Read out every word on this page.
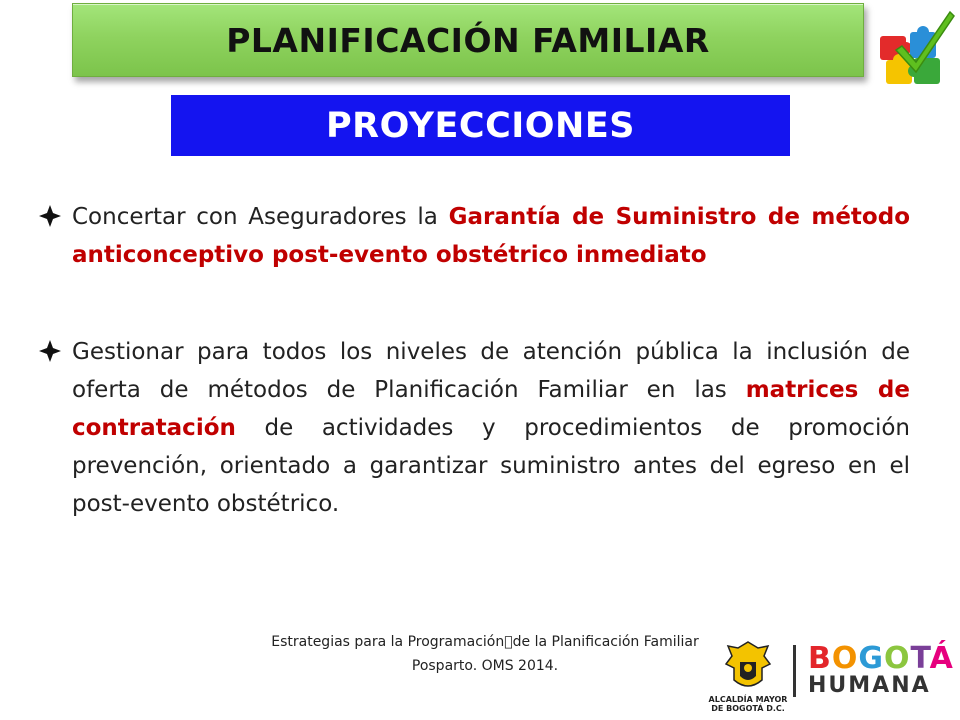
PLANIFICACIÓN FAMILIAR
PROYECCIONES
Concertar con Aseguradores la Garantía de Suministro de método anticonceptivo post-evento obstétrico inmediato
Gestionar para todos los niveles de atención pública la inclusión de oferta de métodos de Planificación Familiar en las matrices de contratación de actividades y procedimientos de promoción prevención, orientado a garantizar suministro antes del egreso en el post-evento obstétrico.
Estrategias para la Programación de la Planificación Familiar
Posparto. OMS 2014.
ALCALDÍA MAYOR
DE BOGOTÁ D.C.
BOGOTÁ
HUMANA
